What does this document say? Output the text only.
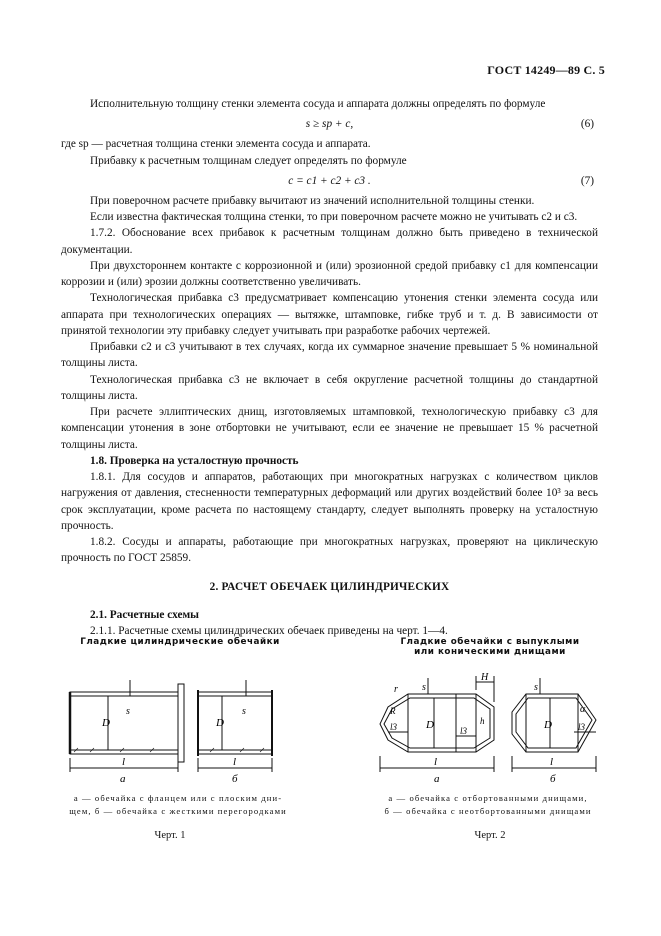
ГОСТ 14249—89 С. 5

Исполнительную толщину стенки элемента сосуда и аппарата должны определять по формуле

s ≥ sр + c,	(6)

где sр — расчетная толщина стенки элемента сосуда и аппарата.

Прибавку к расчетным толщинам следует определять по формуле

c = c1 + c2 + c3 .	(7)

При поверочном расчете прибавку вычитают из значений исполнительной толщины стенки.

Если известна фактическая толщина стенки, то при поверочном расчете можно не учитывать c2 и c3.

1.7.2. Обоснование всех прибавок к расчетным толщинам должно быть приведено в технической документации.

При двухстороннем контакте с коррозионной и (или) эрозионной средой прибавку c1 для компенсации коррозии и (или) эрозии должны соответственно увеличивать.

Технологическая прибавка c3 предусматривает компенсацию утонения стенки элемента сосуда или аппарата при технологических операциях — вытяжке, штамповке, гибке труб и т. д. В зависимости от принятой технологии эту прибавку следует учитывать при разработке рабочих чертежей.

Прибавки c2 и c3 учитывают в тех случаях, когда их суммарное значение превышает 5 % номинальной толщины листа.

Технологическая прибавка c3 не включает в себя округление расчетной толщины до стандартной толщины листа.

При расчете эллиптических днищ, изготовляемых штамповкой, технологическую прибавку c3 для компенсации утонения в зоне отбортовки не учитывают, если ее значение не превышает 15 % расчетной толщины листа.

1.8. Проверка на усталостную прочность

1.8.1. Для сосудов и аппаратов, работающих при многократных нагрузках с количеством циклов нагружения от давления, стесненности температурных деформаций или других воздействий более 10³ за весь срок эксплуатации, кроме расчета по настоящему стандарту, следует выполнять проверку на усталостную прочность.

1.8.2. Сосуды и аппараты, работающие при многократных нагрузках, проверяют на циклическую прочность по ГОСТ 25859.

2. РАСЧЕТ ОБЕЧАЕК ЦИЛИНДРИЧЕСКИХ

2.1. Расчетные схемы

2.1.1. Расчетные схемы цилиндрических обечаек приведены на черт. 1—4.

Гладкие цилиндрические обечайки
D	D
s	s
l	l
а	б
а — обечайка с фланцем или с плоским дни-
щем, б — обечайка с жесткими перегородками
Черт. 1
Гладкие обечайки с выпуклыми
или коническими днищами
D	D
s	s
H
r
R
h
α
l3	l3	l3
l	l
а	б
а — обечайка с отбортованными днищами,
б — обечайка с неотбортованными днищами
Черт. 2
